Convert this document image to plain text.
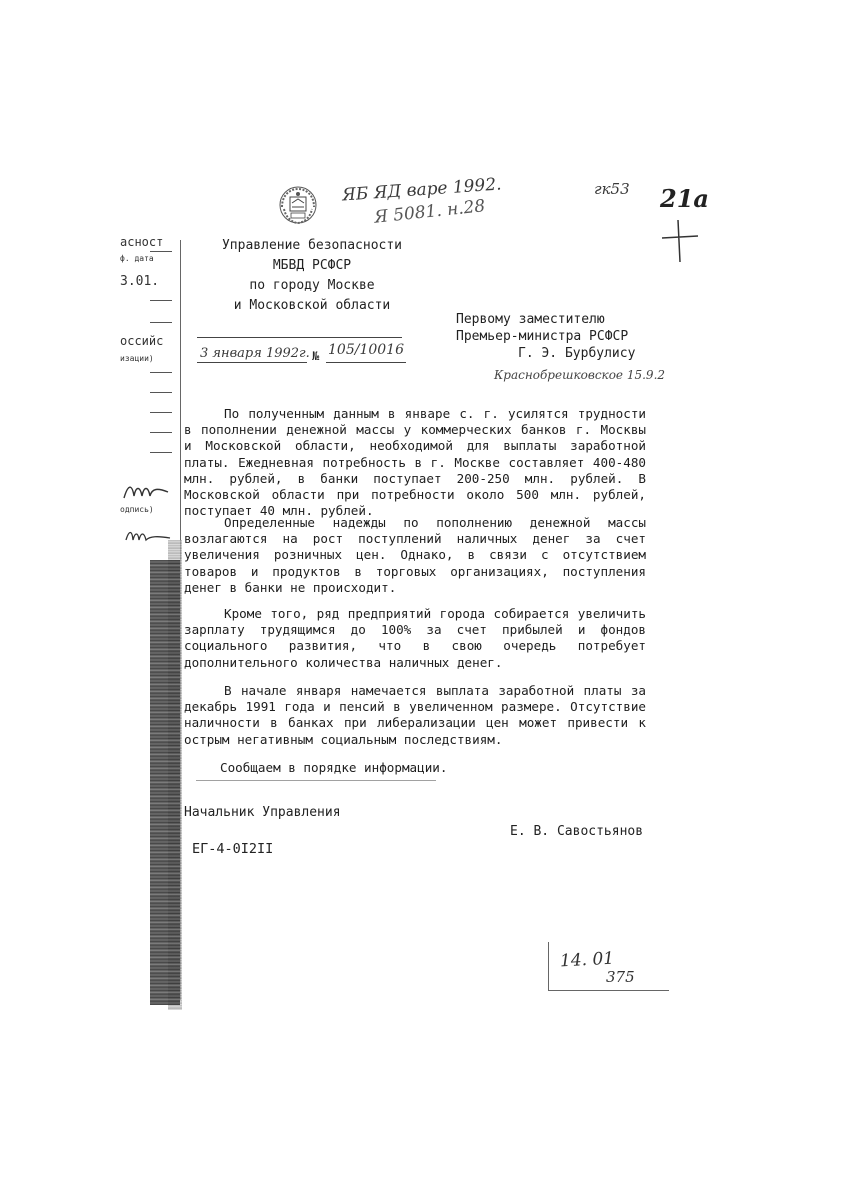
асност
ф. датa
3.01.
оссийс
изации)
одпись)
ЯБ ЯД варе 1992.
Я 5081. н.28
гк53 21а
Управление безопасности
МБВД РСФСР
по городу Москве
и Московской области
3 января 1992г. № 105/10016
Первому заместителю
Премьер-министра РСФСР
Г. Э. Бурбулису
Краснобрешковское 15.9.2

По полученным данным в январе с. г. усилятся трудности в пополнении денежной массы у коммерческих банков г. Москвы и Московской области, необходимой для выплаты заработной платы. Ежедневная потребность в г. Москве составляет 400-480 млн. рублей, в банки поступает 200-250 млн. рублей. В Московской области при потребности около 500 млн. рублей, поступает 40 млн. рублей.

Определенные надежды по пополнению денежной массы возлагаются на рост поступлений наличных денег за счет увеличения розничных цен. Однако, в связи с отсутствием товаров и продуктов в торговых организациях, поступления денег в банки не происходит.

Кроме того, ряд предприятий города собирается увеличить зарплату трудящимся до 100% за счет прибылей и фондов социального развития, что в свою очередь потребует дополнительного количества наличных денег.

В начале января намечается выплата заработной платы за декабрь 1991 года и пенсий в увеличенном размере. Отсутствие наличности в банках при либерализации цен может привести к острым негативным социальным последствиям.

Сообщаем в порядке информации.
Начальник Управления
Е. В. Савостьянов
ЕГ-4-0I2II
14. 01
375
